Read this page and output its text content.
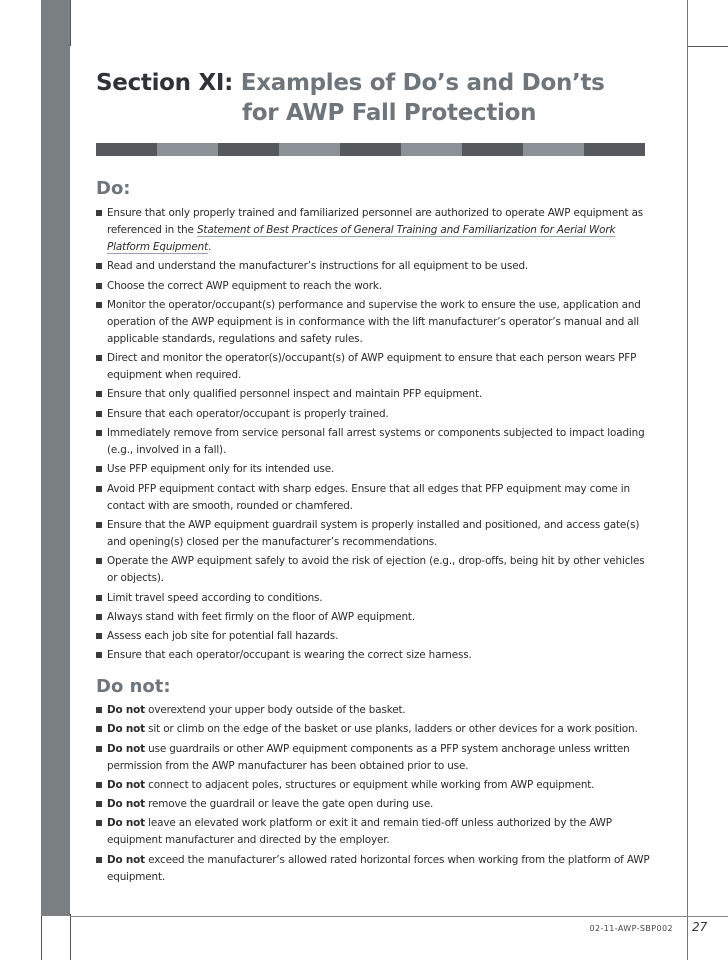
Section XI: Examples of Do’s and Don’ts
for AWP Fall Protection
Do:
Ensure that only properly trained and familiarized personnel are authorized to operate AWP equipment as referenced in the Statement of Best Practices of General Training and Familiarization for Aerial Work Platform Equipment.
Read and understand the manufacturer’s instructions for all equipment to be used.
Choose the correct AWP equipment to reach the work.
Monitor the operator/occupant(s) performance and supervise the work to ensure the use, application and operation of the AWP equipment is in conformance with the lift manufacturer’s operator’s manual and all applicable standards, regulations and safety rules.
Direct and monitor the operator(s)/occupant(s) of AWP equipment to ensure that each person wears PFP equipment when required.
Ensure that only qualified personnel inspect and maintain PFP equipment.
Ensure that each operator/occupant is properly trained.
Immediately remove from service personal fall arrest systems or components subjected to impact loading (e.g., involved in a fall).
Use PFP equipment only for its intended use.
Avoid PFP equipment contact with sharp edges. Ensure that all edges that PFP equipment may come in contact with are smooth, rounded or chamfered.
Ensure that the AWP equipment guardrail system is properly installed and positioned, and access gate(s) and opening(s) closed per the manufacturer’s recommendations.
Operate the AWP equipment safely to avoid the risk of ejection (e.g., drop-offs, being hit by other vehicles or objects).
Limit travel speed according to conditions.
Always stand with feet firmly on the floor of AWP equipment.
Assess each job site for potential fall hazards.
Ensure that each operator/occupant is wearing the correct size harness.
Do not:
Do not overextend your upper body outside of the basket.
Do not sit or climb on the edge of the basket or use planks, ladders or other devices for a work position.
Do not use guardrails or other AWP equipment components as a PFP system anchorage unless written permission from the AWP manufacturer has been obtained prior to use.
Do not connect to adjacent poles, structures or equipment while working from AWP equipment.
Do not remove the guardrail or leave the gate open during use.
Do not leave an elevated work platform or exit it and remain tied-off unless authorized by the AWP equipment manufacturer and directed by the employer.
Do not exceed the manufacturer’s allowed rated horizontal forces when working from the platform of AWP equipment.
02-11-AWP-SBP002 27
